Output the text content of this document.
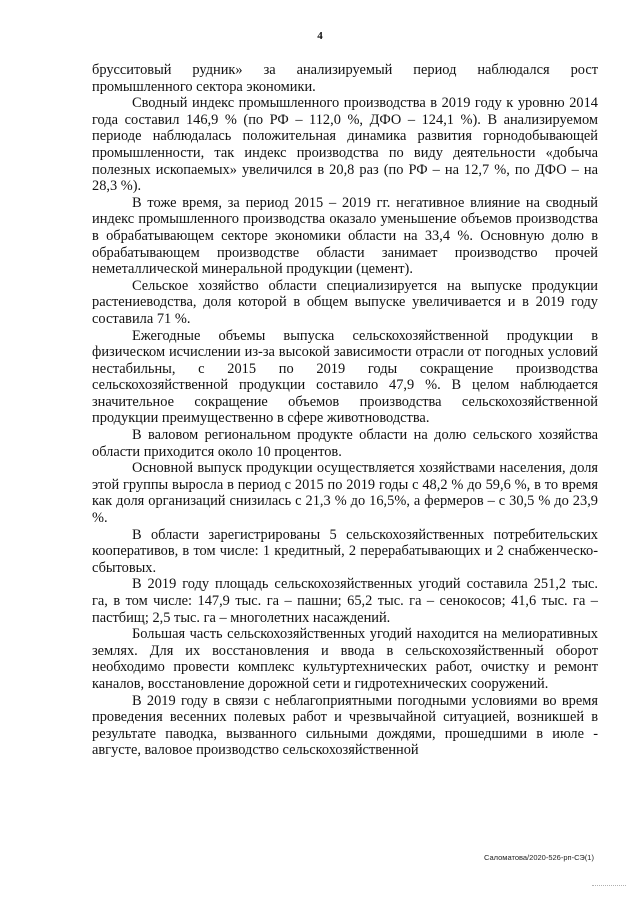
4

брусситовый рудник» за анализируемый период наблюдался рост промышленного сектора экономики.

Сводный индекс промышленного производства в 2019 году к уровню 2014 года составил 146,9 % (по РФ – 112,0 %, ДФО – 124,1 %). В анализируемом периоде наблюдалась положительная динамика развития горнодобывающей промышленности, так индекс производства по виду деятельности «добыча полезных ископаемых» увеличился в 20,8 раз (по РФ – на 12,7 %, по ДФО – на 28,3 %).

В тоже время, за период 2015 – 2019 гг. негативное влияние на сводный индекс промышленного производства оказало уменьшение объемов производства в обрабатывающем секторе экономики области на 33,4 %. Основную долю в обрабатывающем производстве области занимает производство прочей неметаллической минеральной продукции (цемент).

Сельское хозяйство области специализируется на выпуске продукции растениеводства, доля которой в общем выпуске увеличивается и в 2019 году составила 71 %.

Ежегодные объемы выпуска сельскохозяйственной продукции в физическом исчислении из-за высокой зависимости отрасли от погодных условий нестабильны, с 2015 по 2019 годы сокращение производства сельскохозяйственной продукции составило 47,9 %. В целом наблюдается значительное сокращение объемов производства сельскохозяйственной продукции преимущественно в сфере животноводства.

В валовом региональном продукте области на долю сельского хозяйства области приходится около 10 процентов.

Основной выпуск продукции осуществляется хозяйствами населения, доля этой группы выросла в период с 2015 по 2019 годы с 48,2 % до 59,6 %, в то время как доля организаций снизилась с 21,3 % до 16,5%, а фермеров – с 30,5 % до 23,9 %.

В области зарегистрированы 5 сельскохозяйственных потребительских кооперативов, в том числе: 1 кредитный, 2 перерабатывающих и 2 снабженческо-сбытовых.

В 2019 году площадь сельскохозяйственных угодий составила 251,2 тыс. га, в том числе: 147,9 тыс. га – пашни; 65,2 тыс. га – сенокосов; 41,6 тыс. га – пастбищ; 2,5 тыс. га – многолетних насаждений.

Большая часть сельскохозяйственных угодий находится на мелиоративных землях. Для их восстановления и ввода в сельскохозяйственный оборот необходимо провести комплекс культуртехнических работ, очистку и ремонт каналов, восстановление дорожной сети и гидротехнических сооружений.

В 2019 году в связи с неблагоприятными погодными условиями во время проведения весенних полевых работ и чрезвычайной ситуацией, возникшей в результате паводка, вызванного сильными дождями, прошедшими в июле - августе, валовое производство сельскохозяйственной

Саломатова/2020-526-рп-СЭ(1)
